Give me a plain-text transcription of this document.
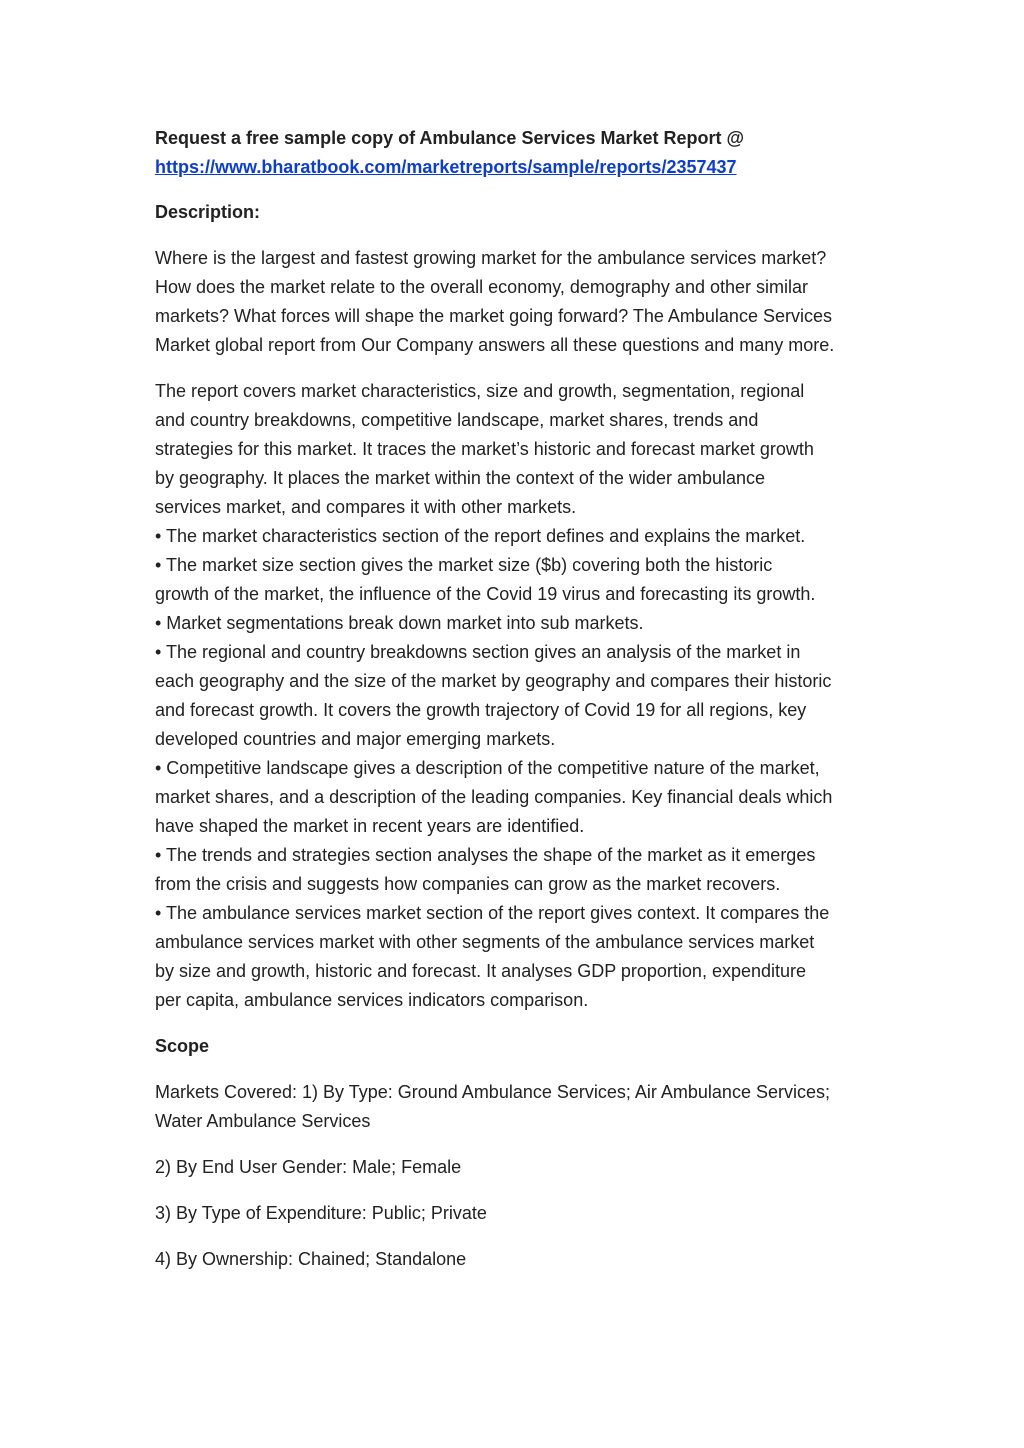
Request a free sample copy of Ambulance Services Market Report @

https://www.bharatbook.com/marketreports/sample/reports/2357437

Description:

Where is the largest and fastest growing market for the ambulance services market?

How does the market relate to the overall economy, demography and other similar

markets? What forces will shape the market going forward? The Ambulance Services

Market global report from Our Company answers all these questions and many more.

The report covers market characteristics, size and growth, segmentation, regional

and country breakdowns, competitive landscape, market shares, trends and

strategies for this market. It traces the market’s historic and forecast market growth

by geography. It places the market within the context of the wider ambulance

services market, and compares it with other markets.

• The market characteristics section of the report defines and explains the market.

• The market size section gives the market size ($b) covering both the historic

growth of the market, the influence of the Covid 19 virus and forecasting its growth.

• Market segmentations break down market into sub markets.

• The regional and country breakdowns section gives an analysis of the market in

each geography and the size of the market by geography and compares their historic

and forecast growth. It covers the growth trajectory of Covid 19 for all regions, key

developed countries and major emerging markets.

• Competitive landscape gives a description of the competitive nature of the market,

market shares, and a description of the leading companies. Key financial deals which

have shaped the market in recent years are identified.

• The trends and strategies section analyses the shape of the market as it emerges

from the crisis and suggests how companies can grow as the market recovers.

• The ambulance services market section of the report gives context. It compares the

ambulance services market with other segments of the ambulance services market

by size and growth, historic and forecast. It analyses GDP proportion, expenditure

per capita, ambulance services indicators comparison.

Scope

Markets Covered: 1) By Type: Ground Ambulance Services; Air Ambulance Services;

Water Ambulance Services

2) By End User Gender: Male; Female

3) By Type of Expenditure: Public; Private

4) By Ownership: Chained; Standalone
